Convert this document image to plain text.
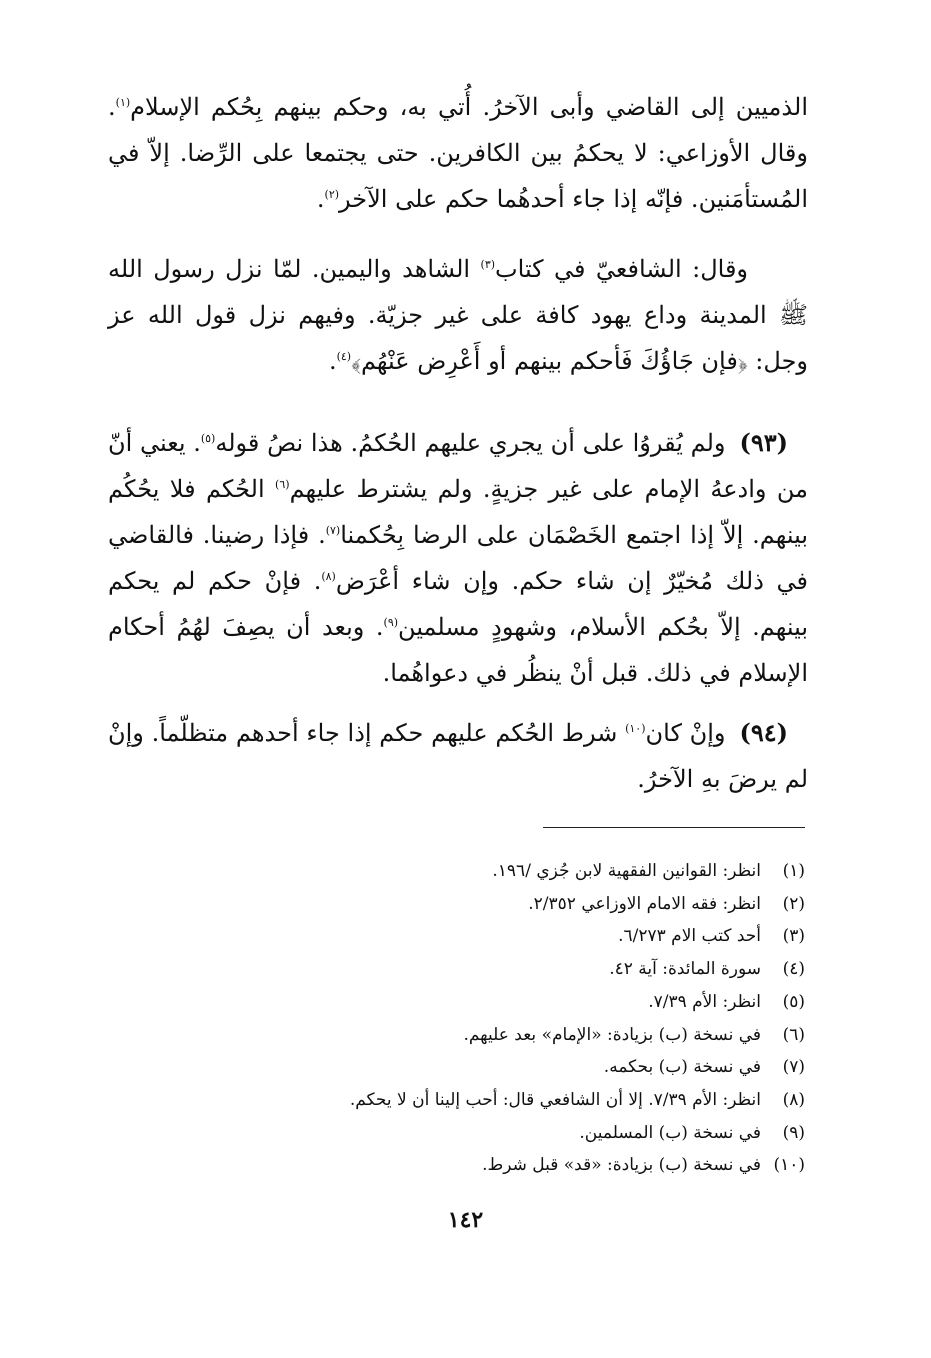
الذميين إلى القاضي وأبى الآخرُ. أُتي به، وحكم بينهم بِحُكم الإسلام$^{(١)}$. وقال الأوزاعي: لا يحكمُ بين الكافرين. حتى يجتمعا على الرِّضا. إلاّ في المُستأمَنين. فإنّه إذا جاء أحدهُما حكم على الآخر$^{(٢)}$.

وقال: الشافعيّ في كتاب$^{(٣)}$ الشاهد واليمين. لمّا نزل رسول الله ﷺ المدينة وداع يهود كافة على غير جزيّة. وفيهم نزل قول الله عز وجل: ﴿فإن جَاؤُكَ فَأحكم بينهم أو أَعْرِض عَنْهُم﴾$^{(٤)}$.

(٩٣)ولم يُقروُا على أن يجري عليهم الحُكمُ. هذا نصُ قوله$^{(٥)}$. يعني أنّ من وادعهُ الإمام على غير جزيةٍ. ولم يشترط عليهم$^{(٦)}$ الحُكم فلا يحُكُم بينهم. إلاّ إذا اجتمع الخَصْمَان على الرضا بِحُكمنا$^{(٧)}$. فإذا رضينا. فالقاضي في ذلك مُخيّرٌ إن شاء حكم. وإن شاء أعْرَض$^{(٨)}$. فإنْ حكم لم يحكم بينهم. إلاّ بحُكم الأسلام، وشهودٍ مسلمين$^{(٩)}$. وبعد أن يصِفَ لهُمُ أحكام الإسلام في ذلك. قبل أنْ ينظُر في دعواهُما.

(٩٤)وإنْ كان$^{(١٠)}$ شرط الحُكم عليهم حكم إذا جاء أحدهم متظلّماً. وإنْ لم يرضَ بهِ الآخرُ.

(١)
انظر: القوانين الفقهية لابن جُزي /١٩٦.
(٢)
انظر: فقه الامام الاوزاعي ٢/٣٥٢.
(٣)
أحد كتب الام ٦/٢٧٣.
(٤)
سورة المائدة: آية ٤٢.
(٥)
انظر: الأم ٧/٣٩.
(٦)
في نسخة (ب) بزيادة: «الإمام» بعد عليهم.
(٧)
في نسخة (ب) بحكمه.
(٨)
انظر: الأم ٧/٣٩. إلا أن الشافعي قال: أحب إلينا أن لا يحكم.
(٩)
في نسخة (ب) المسلمين.
(١٠)
في نسخة (ب) بزيادة: «قد» قبل شرط.
١٤٢
